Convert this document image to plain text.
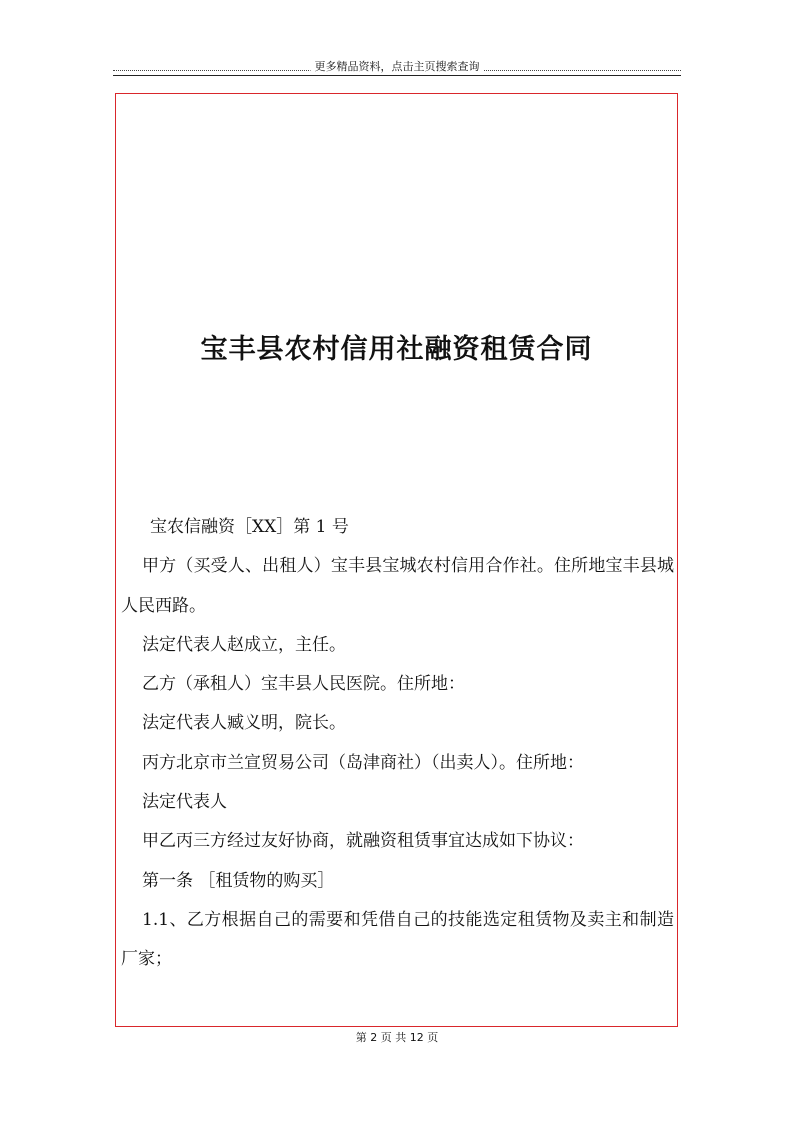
更多精品资料，点击主页搜索查询
宝丰县农村信用社融资租赁合同

宝农信融资［XX］第 1 号

甲方（买受人、出租人）宝丰县宝城农村信用合作社。住所地宝丰县城人民西路。

法定代表人赵成立，主任。

乙方（承租人）宝丰县人民医院。住所地：

法定代表人臧义明，院长。

丙方北京市兰宣贸易公司（岛津商社）（出卖人）。住所地：

法定代表人

甲乙丙三方经过友好协商，就融资租赁事宜达成如下协议：

第一条 ［租赁物的购买］

1.1、乙方根据自己的需要和凭借自己的技能选定租赁物及卖主和制造厂家；

第 2 页 共 12 页
